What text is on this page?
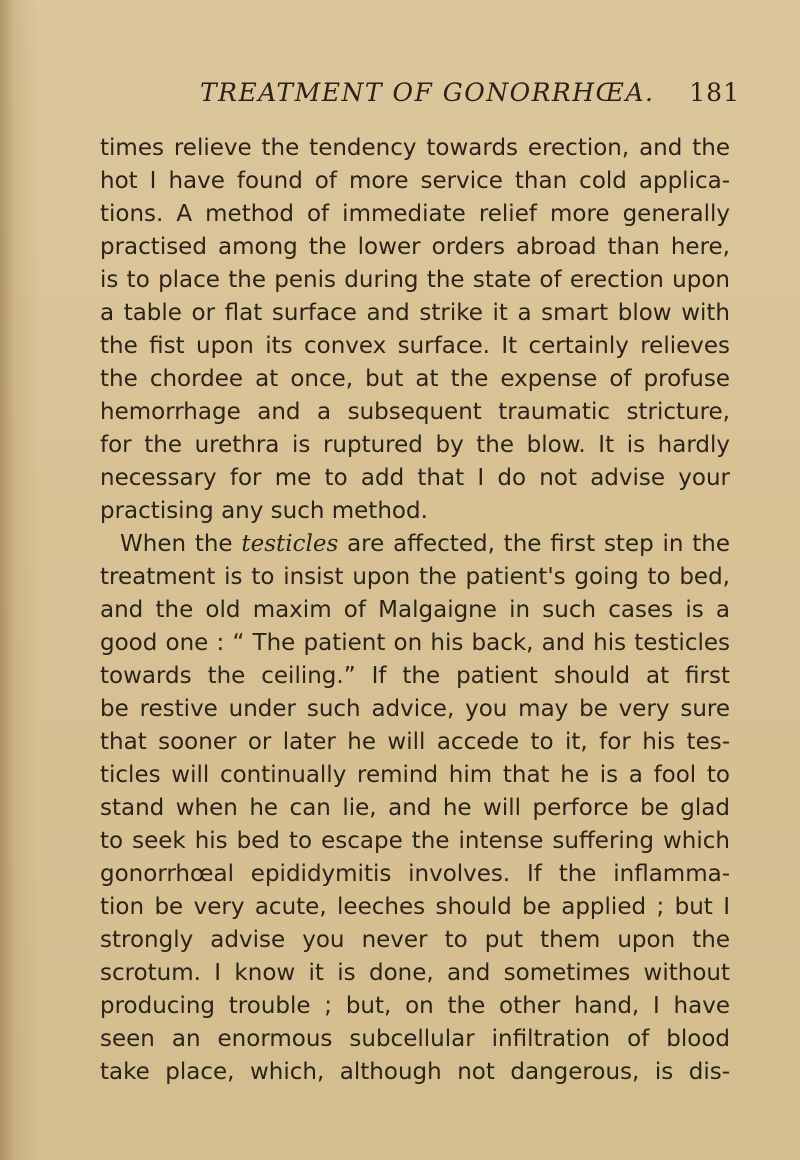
TREATMENT OF GONORRHŒA. 181
times relieve the tendency towards erection, and the
hot I have found of more service than cold applica-
tions. A method of immediate relief more generally
practised among the lower orders abroad than here,
is to place the penis during the state of erection upon
a table or flat surface and strike it a smart blow with
the fist upon its convex surface. It certainly relieves
the chordee at once, but at the expense of profuse
hemorrhage and a subsequent traumatic stricture,
for the urethra is ruptured by the blow. It is hardly
necessary for me to add that I do not advise your
practising any such method.
When the testicles are affected, the first step in the
treatment is to insist upon the patient's going to bed,
and the old maxim of Malgaigne in such cases is a
good one : “ The patient on his back, and his testicles
towards the ceiling.” If the patient should at first
be restive under such advice, you may be very sure
that sooner or later he will accede to it, for his tes-
ticles will continually remind him that he is a fool to
stand when he can lie, and he will perforce be glad
to seek his bed to escape the intense suffering which
gonorrhœal epididymitis involves. If the inflamma-
tion be very acute, leeches should be applied ; but I
strongly advise you never to put them upon the
scrotum. I know it is done, and sometimes without
producing trouble ; but, on the other hand, I have
seen an enormous subcellular infiltration of blood
take place, which, although not dangerous, is dis-
